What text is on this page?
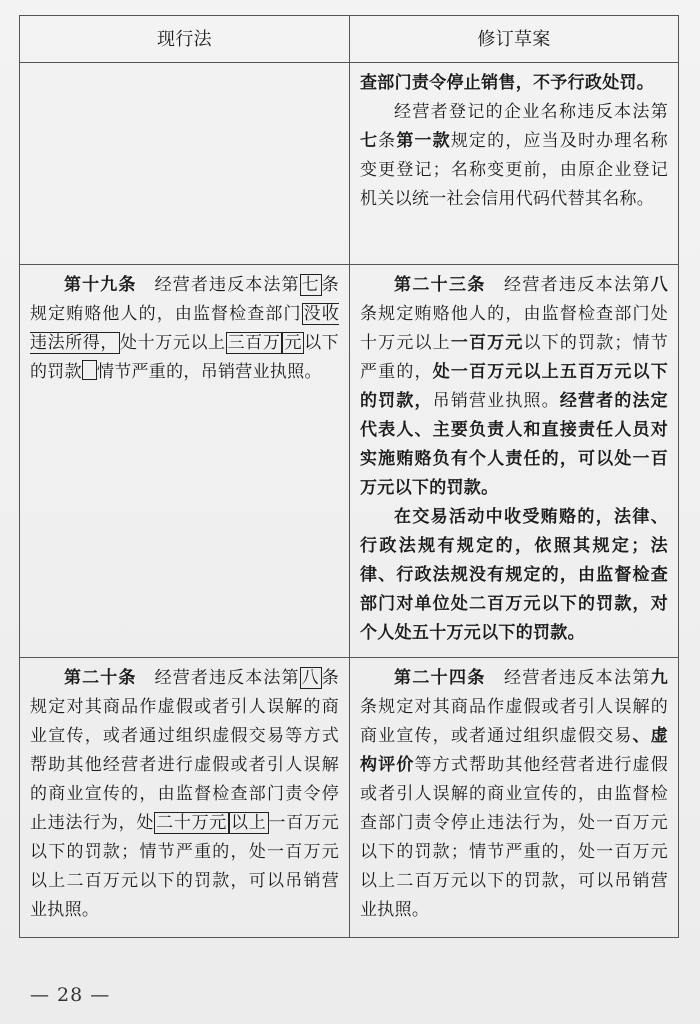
现行法	修订草案

	查部门责令停止销售，不予行政处罚。

经营者登记的企业名称违反本法第七条第一款规定的，应当及时办理名称变更登记；名称变更前，由原企业登记机关以统一社会信用代码代替其名称。

第十九条  经营者违反本法第 七 条规定贿赂他人的，由监督检查部门 没收违法所得， 处十万元以上 三百万 元 以下的罚款 情节严重的，吊销营业执照。	第二十三条  经营者违反本法第八条规定贿赂他人的，由监督检查部门处十万元以上一百万元以下的罚款；情节严重的，处一百万元以上五百万元以下的罚款，吊销营业执照。经营者的法定代表人、主要负责人和直接责任人员对实施贿赂负有个人责任的，可以处一百万元以下的罚款。

在交易活动中收受贿赂的，法律、行政法规有规定的，依照其规定；法律、行政法规没有规定的，由监督检查部门对单位处二百万元以下的罚款，对个人处五十万元以下的罚款。

第二十条  经营者违反本法第 八 条规定对其商品作虚假或者引人误解的商业宣传，或者通过组织虚假交易等方式帮助其他经营者进行虚假或者引人误解的商业宣传的，由监督检查部门责令停止违法行为，处 二十万元 以上 一百万元以下的罚款；情节严重的，处一百万元以上二百万元以下的罚款，可以吊销营业执照。	第二十四条  经营者违反本法第九条规定对其商品作虚假或者引人误解的商业宣传，或者通过组织虚假交易、虚构评价等方式帮助其他经营者进行虚假或者引人误解的商业宣传的，由监督检查部门责令停止违法行为，处一百万元以下的罚款；情节严重的，处一百万元以上二百万元以下的罚款，可以吊销营业执照。

— 28 —
